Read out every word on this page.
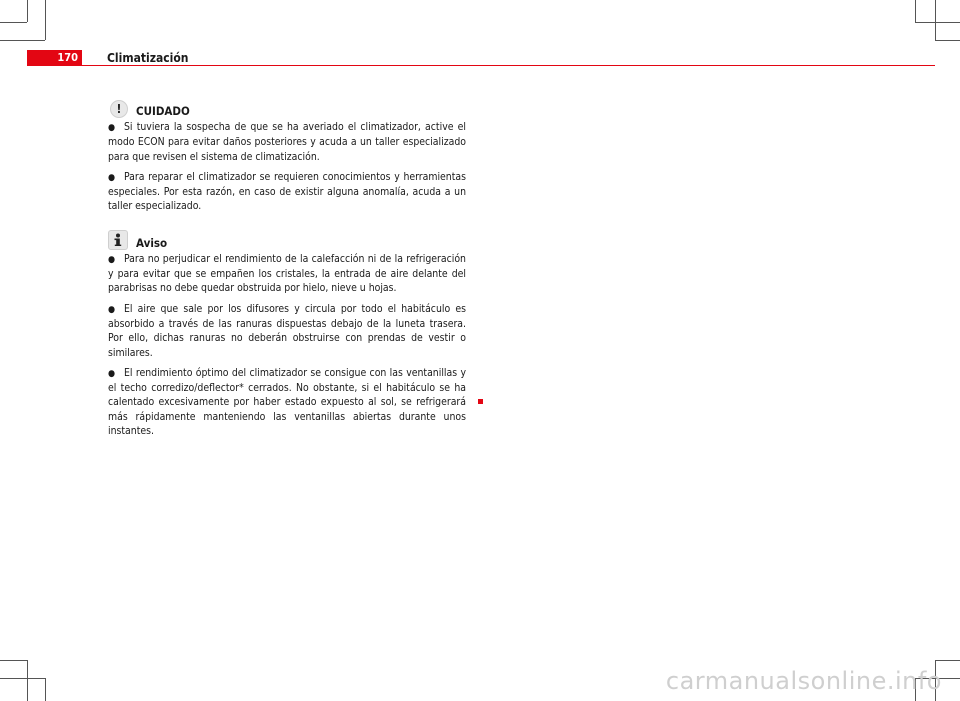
170	Climatización
!	CUIDADO
● Si tuviera la sospecha de que se ha averiado el climatizador, active el modo ECON para evitar daños posteriores y acuda a un taller especializado para que revisen el sistema de climatización.
● Para reparar el climatizador se requieren conocimientos y herramientas especiales. Por esta razón, en caso de existir alguna anomalía, acuda a un taller especializado.
Aviso
● Para no perjudicar el rendimiento de la calefacción ni de la refrigeración y para evitar que se empañen los cristales, la entrada de aire delante del parabrisas no debe quedar obstruida por hielo, nieve u hojas.
● El aire que sale por los difusores y circula por todo el habitáculo es absorbido a través de las ranuras dispuestas debajo de la luneta trasera. Por ello, dichas ranuras no deberán obstruirse con prendas de vestir o similares.
● El rendimiento óptimo del climatizador se consigue con las ventanillas y el techo corredizo/deflector* cerrados. No obstante, si el habitáculo se ha calentado excesivamente por haber estado expuesto al sol, se refrigerará más rápidamente manteniendo las ventanillas abiertas durante unos instantes.
carmanualsonline.info
